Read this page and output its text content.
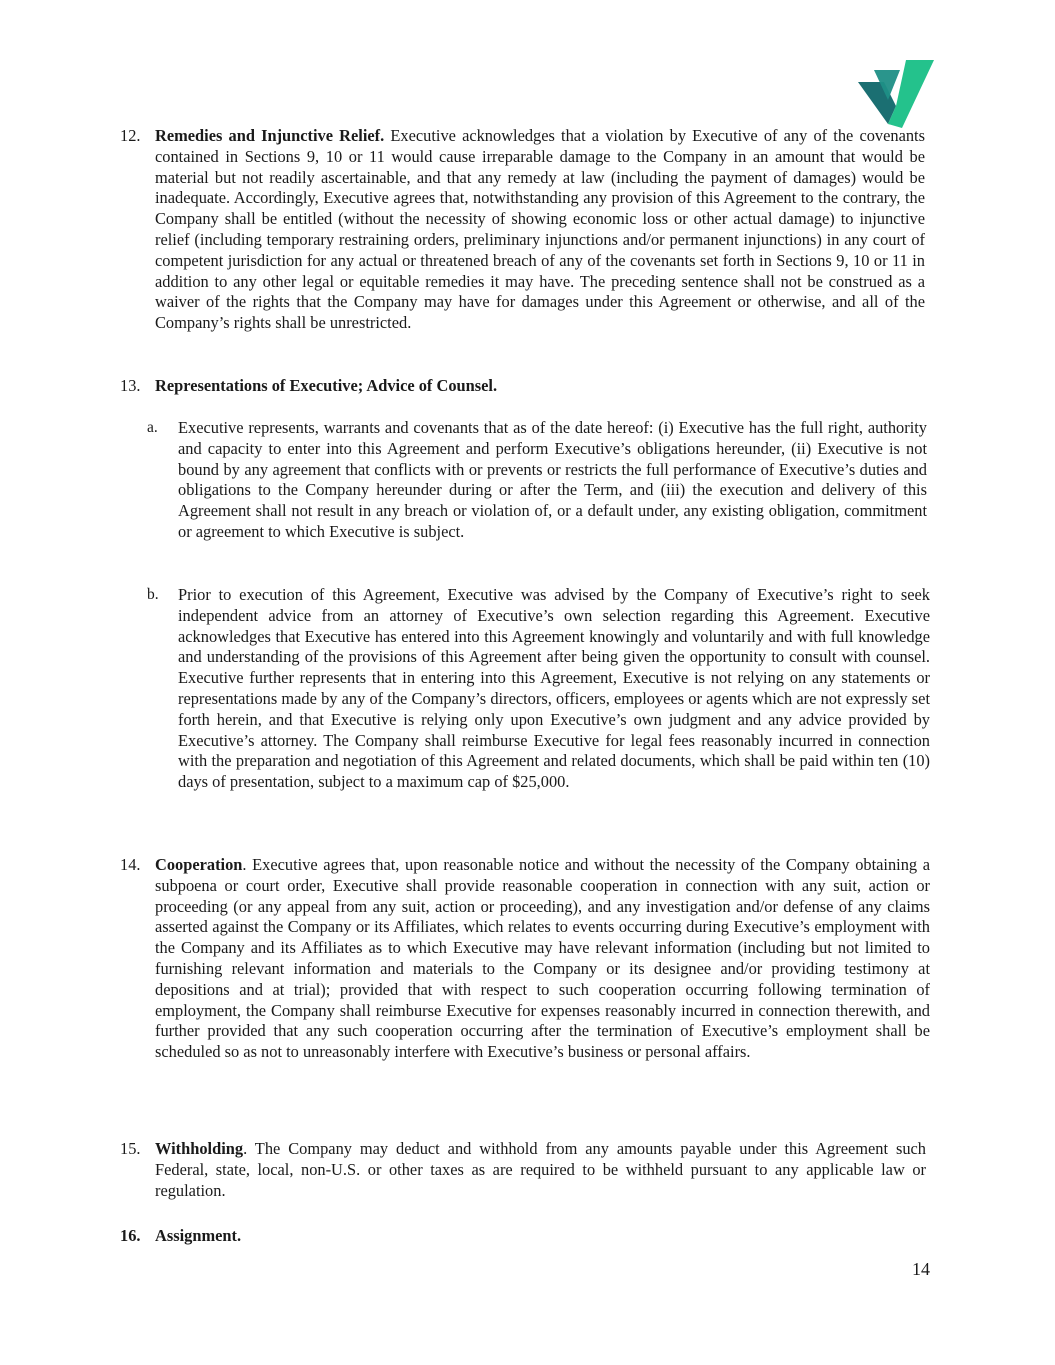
12. Remedies and Injunctive Relief. Executive acknowledges that a violation by Executive of any of the covenants contained in Sections 9, 10 or 11 would cause irreparable damage to the Company in an amount that would be material but not readily ascertainable, and that any remedy at law (including the payment of damages) would be inadequate. Accordingly, Executive agrees that, notwithstanding any provision of this Agreement to the contrary, the Company shall be entitled (without the necessity of showing economic loss or other actual damage) to injunctive relief (including temporary restraining orders, preliminary injunctions and/or permanent injunctions) in any court of competent jurisdiction for any actual or threatened breach of any of the covenants set forth in Sections 9, 10 or 11 in addition to any other legal or equitable remedies it may have. The preceding sentence shall not be construed as a waiver of the rights that the Company may have for damages under this Agreement or otherwise, and all of the Company’s rights shall be unrestricted.
13. Representations of Executive; Advice of Counsel.
a. Executive represents, warrants and covenants that as of the date hereof: (i) Executive has the full right, authority and capacity to enter into this Agreement and perform Executive’s obligations hereunder, (ii) Executive is not bound by any agreement that conflicts with or prevents or restricts the full performance of Executive’s duties and obligations to the Company hereunder during or after the Term, and (iii) the execution and delivery of this Agreement shall not result in any breach or violation of, or a default under, any existing obligation, commitment or agreement to which Executive is subject.
b. Prior to execution of this Agreement, Executive was advised by the Company of Executive’s right to seek independent advice from an attorney of Executive’s own selection regarding this Agreement. Executive acknowledges that Executive has entered into this Agreement knowingly and voluntarily and with full knowledge and understanding of the provisions of this Agreement after being given the opportunity to consult with counsel. Executive further represents that in entering into this Agreement, Executive is not relying on any statements or representations made by any of the Company’s directors, officers, employees or agents which are not expressly set forth herein, and that Executive is relying only upon Executive’s own judgment and any advice provided by Executive’s attorney. The Company shall reimburse Executive for legal fees reasonably incurred in connection with the preparation and negotiation of this Agreement and related documents, which shall be paid within ten (10) days of presentation, subject to a maximum cap of $25,000.
14. Cooperation. Executive agrees that, upon reasonable notice and without the necessity of the Company obtaining a subpoena or court order, Executive shall provide reasonable cooperation in connection with any suit, action or proceeding (or any appeal from any suit, action or proceeding), and any investigation and/or defense of any claims asserted against the Company or its Affiliates, which relates to events occurring during Executive’s employment with the Company and its Affiliates as to which Executive may have relevant information (including but not limited to furnishing relevant information and materials to the Company or its designee and/or providing testimony at depositions and at trial); provided that with respect to such cooperation occurring following termination of employment, the Company shall reimburse Executive for expenses reasonably incurred in connection therewith, and further provided that any such cooperation occurring after the termination of Executive’s employment shall be scheduled so as not to unreasonably interfere with Executive’s business or personal affairs.
15. Withholding. The Company may deduct and withhold from any amounts payable under this Agreement such Federal, state, local, non-U.S. or other taxes as are required to be withheld pursuant to any applicable law or regulation.
16. Assignment.
14
